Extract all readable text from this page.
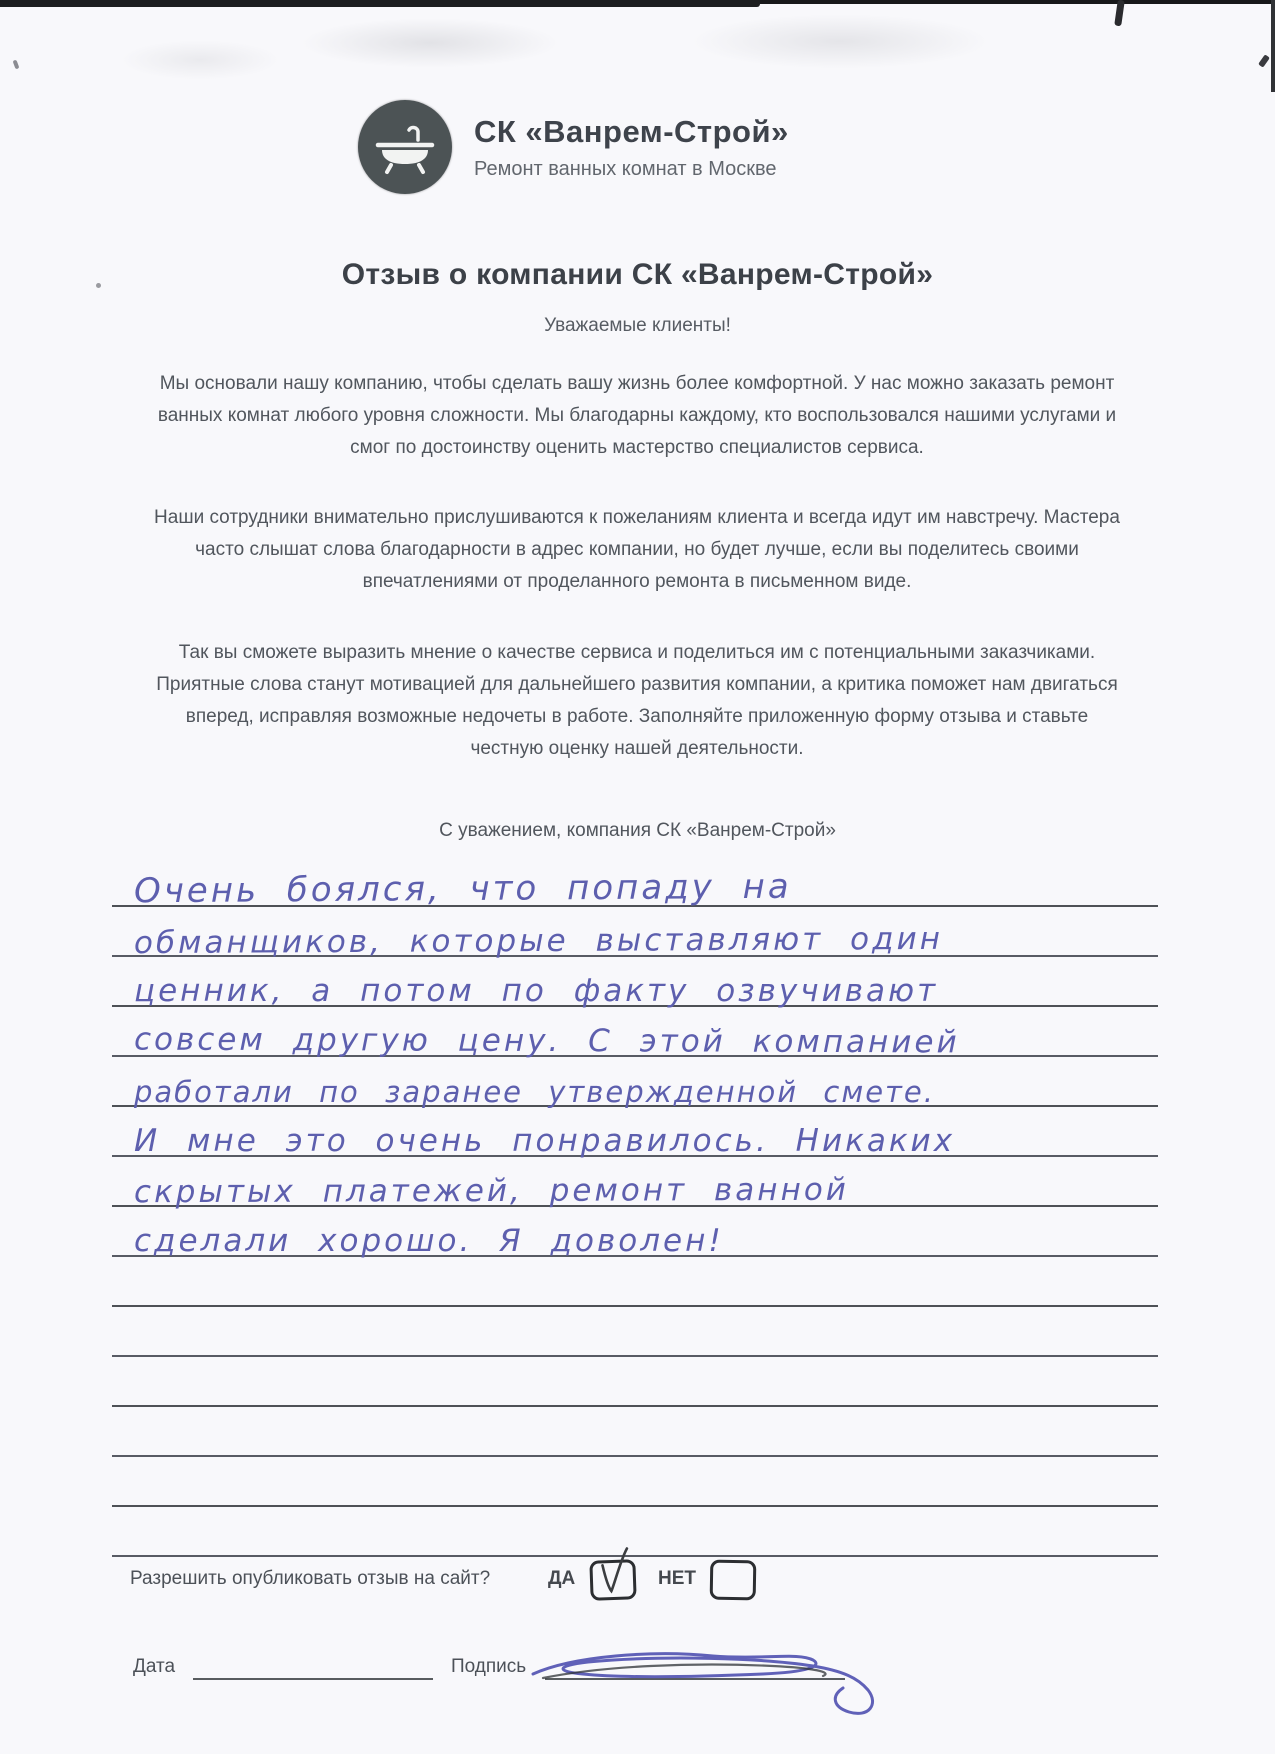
СК «Ванрем-Строй»
Ремонт ванных комнат в Москве
Отзыв о компании СК «Ванрем-Строй»
Уважаемые клиенты!

Мы основали нашу компанию, чтобы сделать вашу жизнь более комфортной. У нас можно заказать ремонт ванных комнат любого уровня сложности. Мы благодарны каждому, кто воспользовался нашими услугами и смог по достоинству оценить мастерство специалистов сервиса.

Наши сотрудники внимательно прислушиваются к пожеланиям клиента и всегда идут им навстречу. Мастера часто слышат слова благодарности в адрес компании, но будет лучше, если вы поделитесь своими впечатлениями от проделанного ремонта в письменном виде.

Так вы сможете выразить мнение о качестве сервиса и поделиться им с потенциальными заказчиками. Приятные слова станут мотивацией для дальнейшего развития компании, а критика поможет нам двигаться вперед, исправляя возможные недочеты в работе. Заполняйте приложенную форму отзыва и ставьте честную оценку нашей деятельности.

С уважением, компания СК «Ванрем-Строй»
Очень боялся, что попаду на
обманщиков, которые выставляют один
ценник, а потом по факту озвучивают
совсем другую цену. С этой компанией
работали по заранее утвержденной смете.
И мне это очень понравилось. Никаких
скрытых платежей, ремонт ванной
сделали хорошо. Я доволен!
Разрешить опубликовать отзыв на сайт?	ДА	НЕТ
Дата	Подпись
